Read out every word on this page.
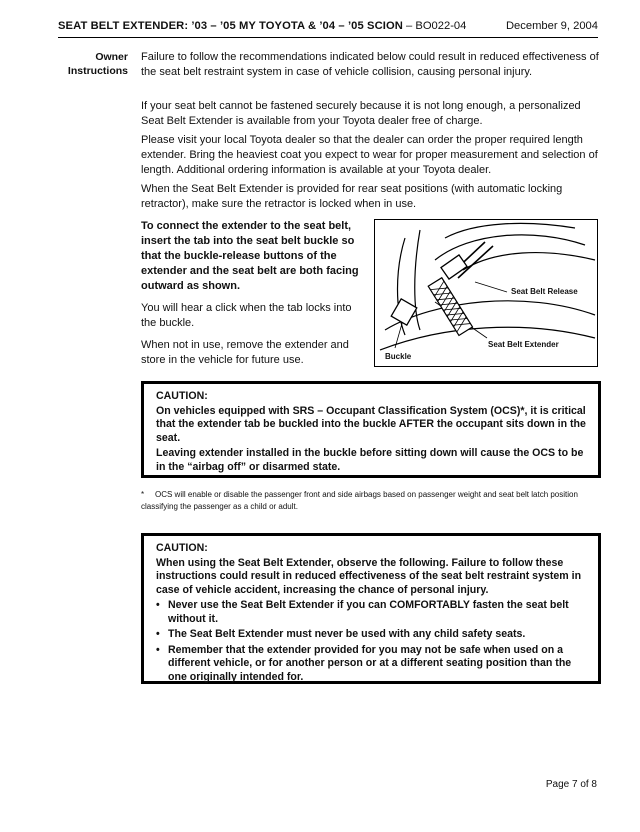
SEAT BELT EXTENDER: ’03 – ’05 MY TOYOTA & ’04 – ’05 SCION – BO022-04	December 9, 2004
Owner Instructions
Failure to follow the recommendations indicated below could result in reduced effectiveness of the seat belt restraint system in case of vehicle collision, causing personal injury.
If your seat belt cannot be fastened securely because it is not long enough, a personalized Seat Belt Extender is available from your Toyota dealer free of charge.
Please visit your local Toyota dealer so that the dealer can order the proper required length extender. Bring the heaviest coat you expect to wear for proper measurement and selection of length. Additional ordering information is available at your Toyota dealer.
When the Seat Belt Extender is provided for rear seat positions (with automatic locking retractor), make sure the retractor is locked when in use.

To connect the extender to the seat belt, insert the tab into the seat belt buckle so that the buckle-release buttons of the extender and the seat belt are both facing outward as shown.

You will hear a click when the tab locks into the buckle.

When not in use, remove the extender and store in the vehicle for future use.

Seat Belt Release
Seat Belt Extender
Buckle
CAUTION:

On vehicles equipped with SRS – Occupant Classification System (OCS)*, it is critical that the extender tab be buckled into the buckle AFTER the occupant sits down in the seat.

Leaving extender installed in the buckle before sitting down will cause the OCS to be in the “airbag off” or disarmed state.

*	OCS will enable or disable the passenger front and side airbags based on passenger weight and seat belt latch position classifying the passenger as a child or adult.
CAUTION:

When using the Seat Belt Extender, observe the following. Failure to follow these instructions could result in reduced effectiveness of the seat belt restraint system in case of vehicle accident, increasing the chance of personal injury.

• Never use the Seat Belt Extender if you can COMFORTABLY fasten the seat belt without it.
• The Seat Belt Extender must never be used with any child safety seats.
• Remember that the extender provided for you may not be safe when used on a different vehicle, or for another person or at a different seating position than the one originally intended for.
Page 7 of 8
